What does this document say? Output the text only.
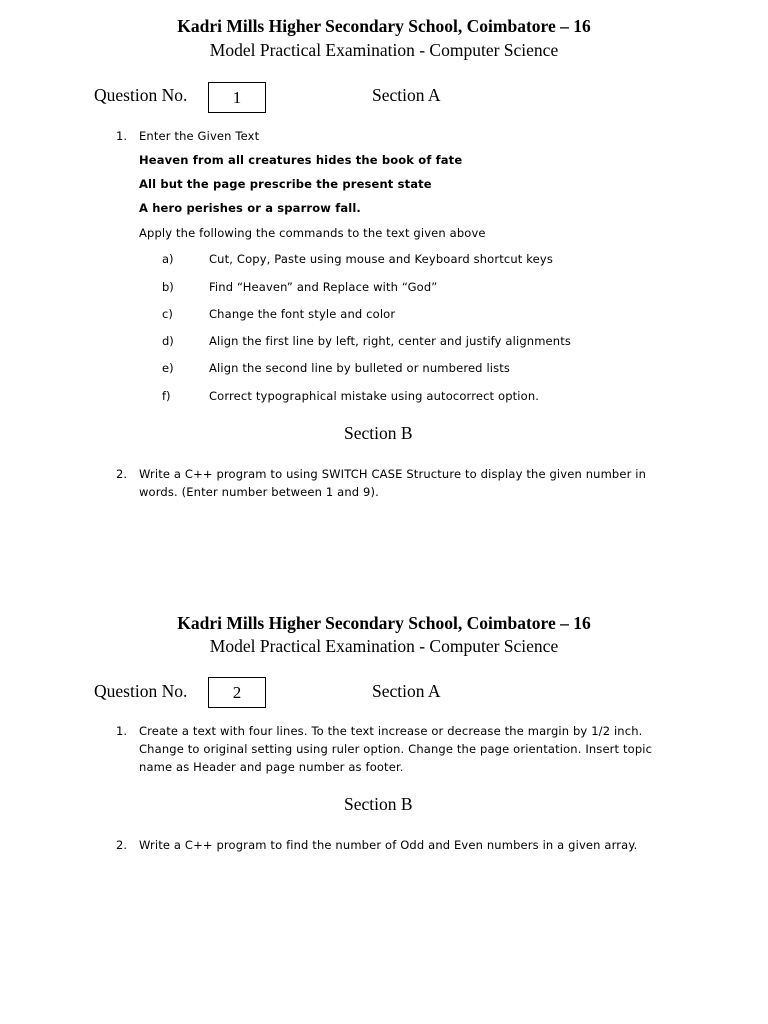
Kadri Mills Higher Secondary School, Coimbatore – 16
Model Practical Examination - Computer Science
Question No.	1	Section A
1. Enter the Given Text
Heaven from all creatures hides the book of fate
All but the page prescribe the present state
A hero perishes or a sparrow fall.
Apply the following the commands to the text given above
a)	Cut, Copy, Paste using mouse and Keyboard shortcut keys
b)	Find “Heaven” and Replace with “God”
c)	Change the font style and color
d)	Align the first line by left, right, center and justify alignments
e)	Align the second line by bulleted or numbered lists
f)	Correct typographical mistake using autocorrect option.
Section B
2. Write a C++ program to using SWITCH CASE Structure to display the given number in
words. (Enter number between 1 and 9).
Kadri Mills Higher Secondary School, Coimbatore – 16
Model Practical Examination - Computer Science
Question No.	2	Section A
1. Create a text with four lines. To the text increase or decrease the margin by 1/2 inch.
Change to original setting using ruler option. Change the page orientation. Insert topic
name as Header and page number as footer.
Section B
2. Write a C++ program to find the number of Odd and Even numbers in a given array.
